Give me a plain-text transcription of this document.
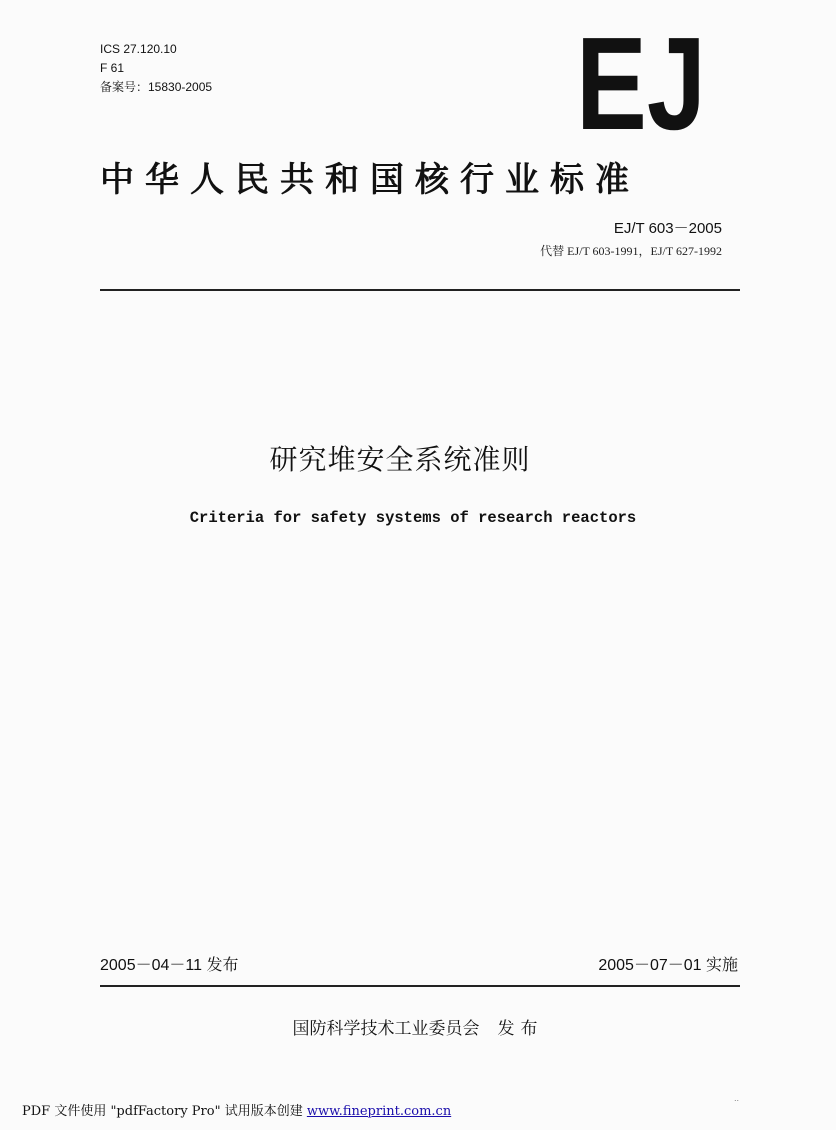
ICS 27.120.10
F 61
备案号：15830-2005	EJ
中华人民共和国核行业标准
EJ/T 603－2005
代替 EJ/T 603-1991，EJ/T 627-1992
研究堆安全系统准则
Criteria for safety systems of research reactors
2005－04－11 发布	2005－07－01 实施
国防科学技术工业委员会 发布
PDF 文件使用 "pdfFactory Pro" 试用版本创建 www.fineprint.com.cn
..
